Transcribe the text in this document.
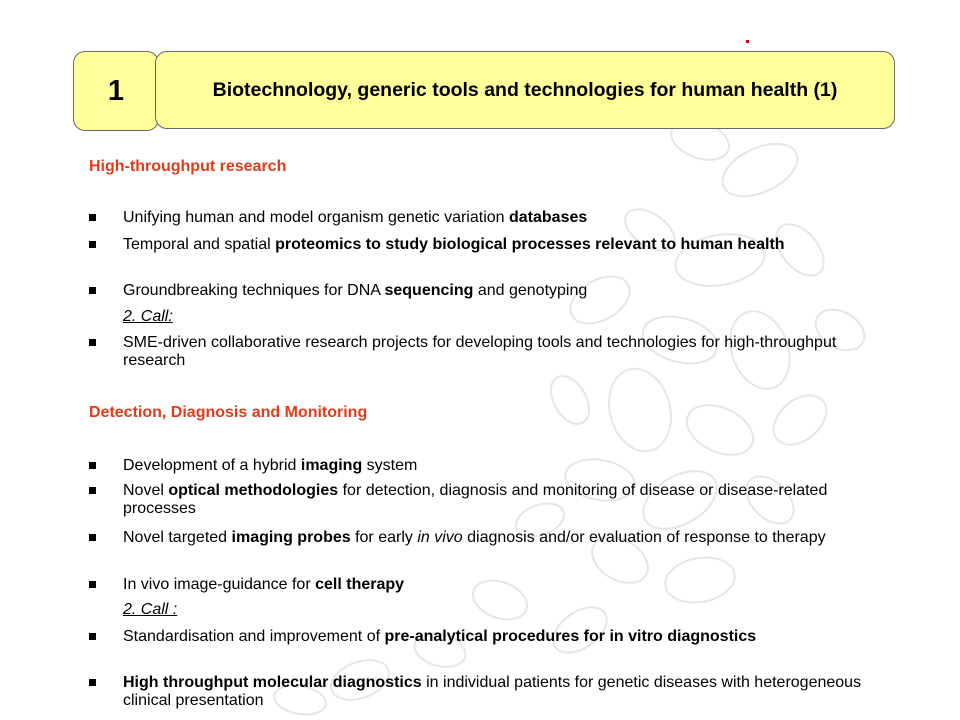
1	Biotechnology, generic tools and technologies for human health (1)
High-throughput research
Unifying human and model organism genetic variation databases
Temporal and spatial proteomics to study biological processes relevant to human health
Groundbreaking techniques for DNA sequencing and genotyping
2. Call:
SME-driven collaborative research projects for developing tools and technologies for high-throughput research
Detection, Diagnosis and Monitoring
Development of a hybrid imaging system
Novel optical methodologies for detection, diagnosis and monitoring of disease or disease-related processes
Novel targeted imaging probes for early in vivo diagnosis and/or evaluation of response to therapy
In vivo image-guidance for cell therapy
2. Call :
Standardisation and improvement of pre-analytical procedures for in vitro diagnostics
High throughput molecular diagnostics in individual patients for genetic diseases with heterogeneous clinical presentation
